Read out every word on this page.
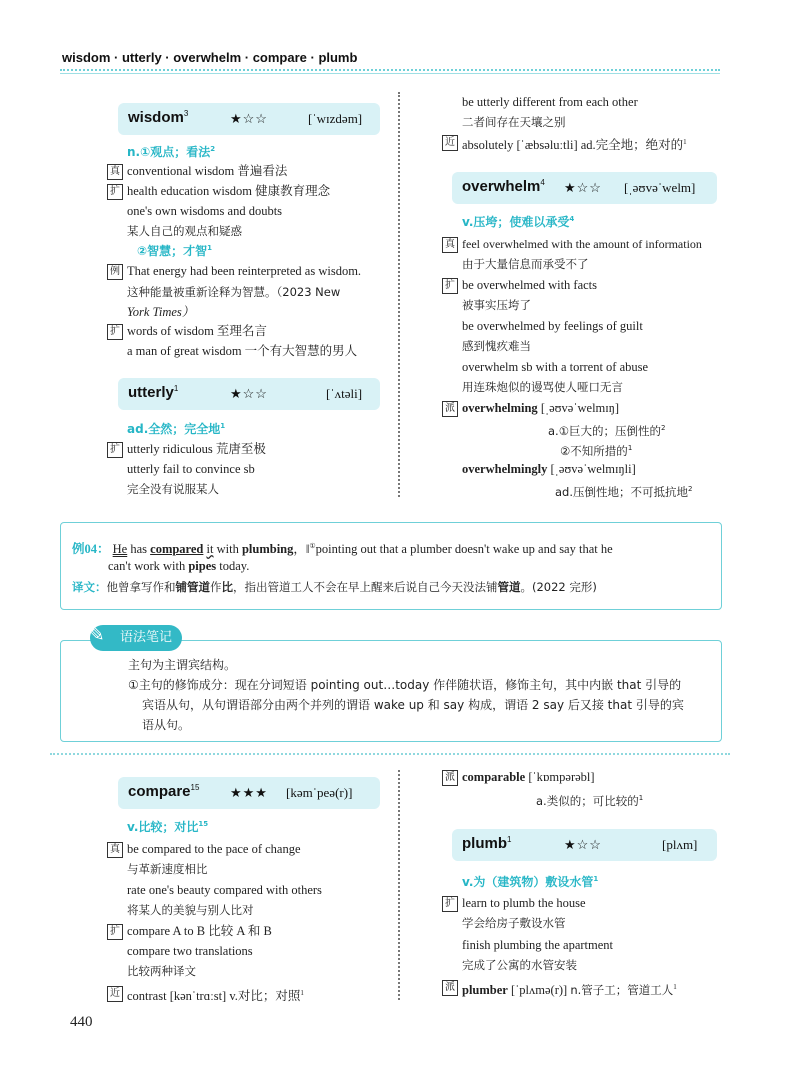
wisdom · utterly · overwhelm · compare · plumb
wisdom$^3$	★☆☆	[ˈwɪzdəm]
n.①观点；看法$^2$
真 conventional wisdom 普遍看法
扩 health education wisdom 健康教育理念
one's own wisdoms and doubts
某人自己的观点和疑惑
②智慧；才智$^1$
例 That energy had been reinterpreted as wisdom.
这种能量被重新诠释为智慧。（2023 New
York Times）
扩 words of wisdom 至理名言
a man of great wisdom 一个有大智慧的男人
utterly$^1$	★☆☆	[ˈʌtəli]
ad.全然；完全地$^1$
扩 utterly ridiculous 荒唐至极
utterly fail to convince sb
完全没有说服某人
be utterly different from each other
二者间存在天壤之别
近 absolutely [ˈæbsəluːtli] ad.完全地；绝对的$^1$
overwhelm$^4$ ★☆☆ [ˌəʊvəˈwelm]
v.压垮；使难以承受$^4$
真 feel overwhelmed with the amount of information
由于大量信息而承受不了
扩 be overwhelmed with facts
被事实压垮了
be overwhelmed by feelings of guilt
感到愧疚难当
overwhelm sb with a torrent of abuse
用连珠炮似的谩骂使人哑口无言
派 overwhelming [ˌəʊvəˈwelmɪŋ]
a.①巨大的；压倒性的$^2$
②不知所措的$^1$
overwhelmingly [ˌəʊvəˈwelmɪŋli]
ad.压倒性地；不可抵抗地$^2$
例04： He has compared it with plumbing，‖①pointing out that a plumber doesn't wake up and say that he
can't work with pipes today.
译文：他曾拿写作和铺管道作比，指出管道工人不会在早上醒来后说自己今天没法铺管道。(2022 完形)
语法笔记
✎
主句为主谓宾结构。
①主句的修饰成分：现在分词短语 pointing out…today 作伴随状语，修饰主句，其中内嵌 that 引导的
宾语从句，从句谓语部分由两个并列的谓语 wake up 和 say 构成，谓语 2 say 后又接 that 引导的宾
语从句。
compare$^{15}$ ★★★ [kəmˈpeə(r)]
v.比较；对比$^{15}$
真 be compared to the pace of change
与革新速度相比
rate one's beauty compared with others
将某人的美貌与别人比对
扩 compare A to B 比较 A 和 B
compare two translations
比较两种译文
近 contrast [kənˈtrɑːst] v.对比；对照$^1$
派 comparable [ˈkɒmpərəbl]
a.类似的；可比较的$^1$
plumb$^1$	★☆☆	[plʌm]
v.为（建筑物）敷设水管$^1$
扩 learn to plumb the house
学会给房子敷设水管
finish plumbing the apartment
完成了公寓的水管安装
派 plumber [ˈplʌmə(r)] n.管子工；管道工人$^1$
440
